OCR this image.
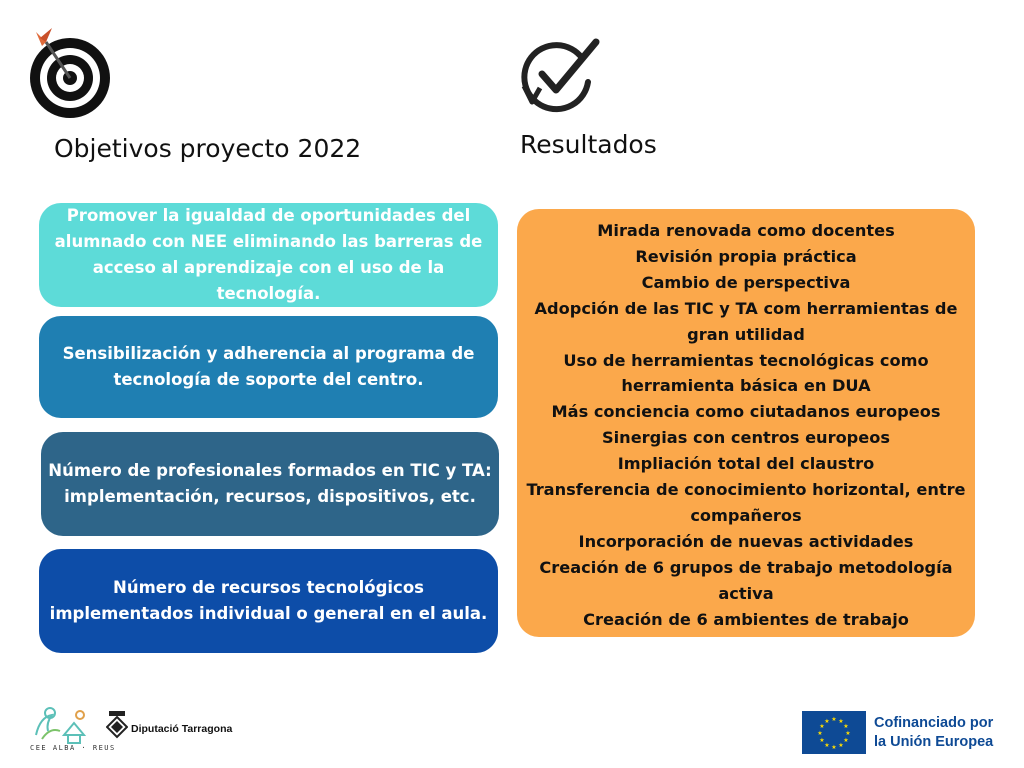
Objetivos proyecto 2022	Resultados
Promover la igualdad de oportunidades del alumnado con NEE eliminando las barreras de acceso al aprendizaje con el uso de la tecnología.
Sensibilización y adherencia al programa de tecnología de soporte del centro.
Número de profesionales formados en TIC y TA: implementación, recursos, dispositivos, etc.
Número de recursos tecnológicos implementados individual o general en el aula.
Mirada renovada como docentes
Revisión propia práctica
Cambio de perspectiva
Adopción de las TIC y TA com herramientas de gran utilidad
Uso de herramientas tecnológicas como herramienta básica en DUA
Más conciencia como ciutadanos europeos
Sinergias con centros europeos
Impliación total del claustro
Transferencia de conocimiento horizontal, entre compañeros
Incorporación de nuevas actividades
Creación de 6 grupos de trabajo metodología activa
Creación de 6 ambientes de trabajo
CEE ALBA · REUS
Diputació Tarragona
★ ★
★
★
★
★
★
★
★
★
★
★	Cofinanciado por
la Unión Europea
